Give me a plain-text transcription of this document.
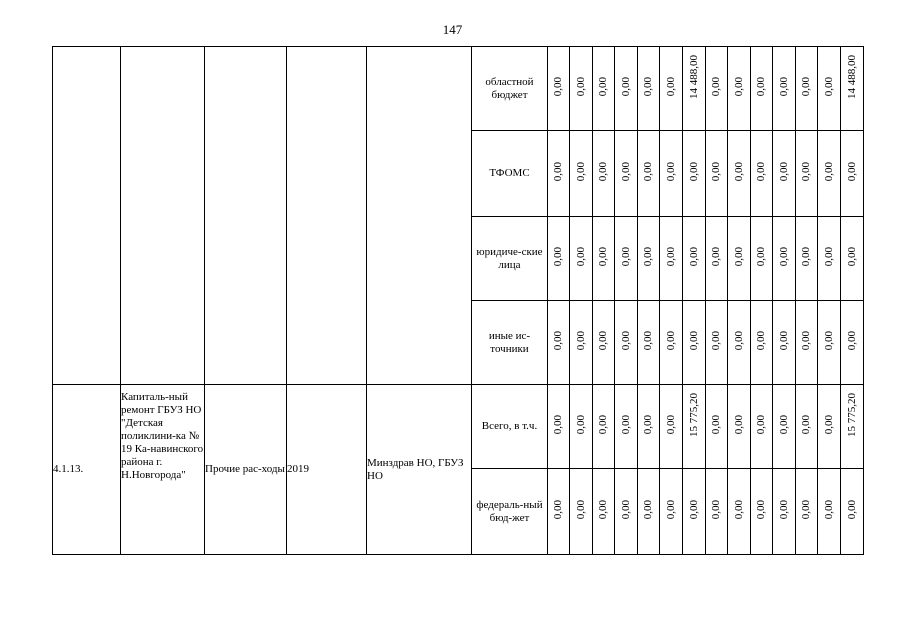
147
					областной бюджет	0,00	0,00	0,00	0,00	0,00	0,00	14 488,00	0,00	0,00	0,00	0,00	0,00	0,00	14 488,00
					ТФОМС	0,00	0,00	0,00	0,00	0,00	0,00	0,00	0,00	0,00	0,00	0,00	0,00	0,00	0,00
					юридиче-ские лица	0,00	0,00	0,00	0,00	0,00	0,00	0,00	0,00	0,00	0,00	0,00	0,00	0,00	0,00
					иные ис-точники	0,00	0,00	0,00	0,00	0,00	0,00	0,00	0,00	0,00	0,00	0,00	0,00	0,00	0,00
4.1.13.	Капиталь-ный ремонт ГБУЗ НО "Детская поликлини-ка № 19 Ка-навинского района г. Н.Новгорода"	Прочие рас-ходы	2019	Минздрав НО, ГБУЗ НО	Всего, в т.ч.	0,00	0,00	0,00	0,00	0,00	0,00	15 775,20	0,00	0,00	0,00	0,00	0,00	0,00	15 775,20
					федераль-ный бюд-жет	0,00	0,00	0,00	0,00	0,00	0,00	0,00	0,00	0,00	0,00	0,00	0,00	0,00	0,00
